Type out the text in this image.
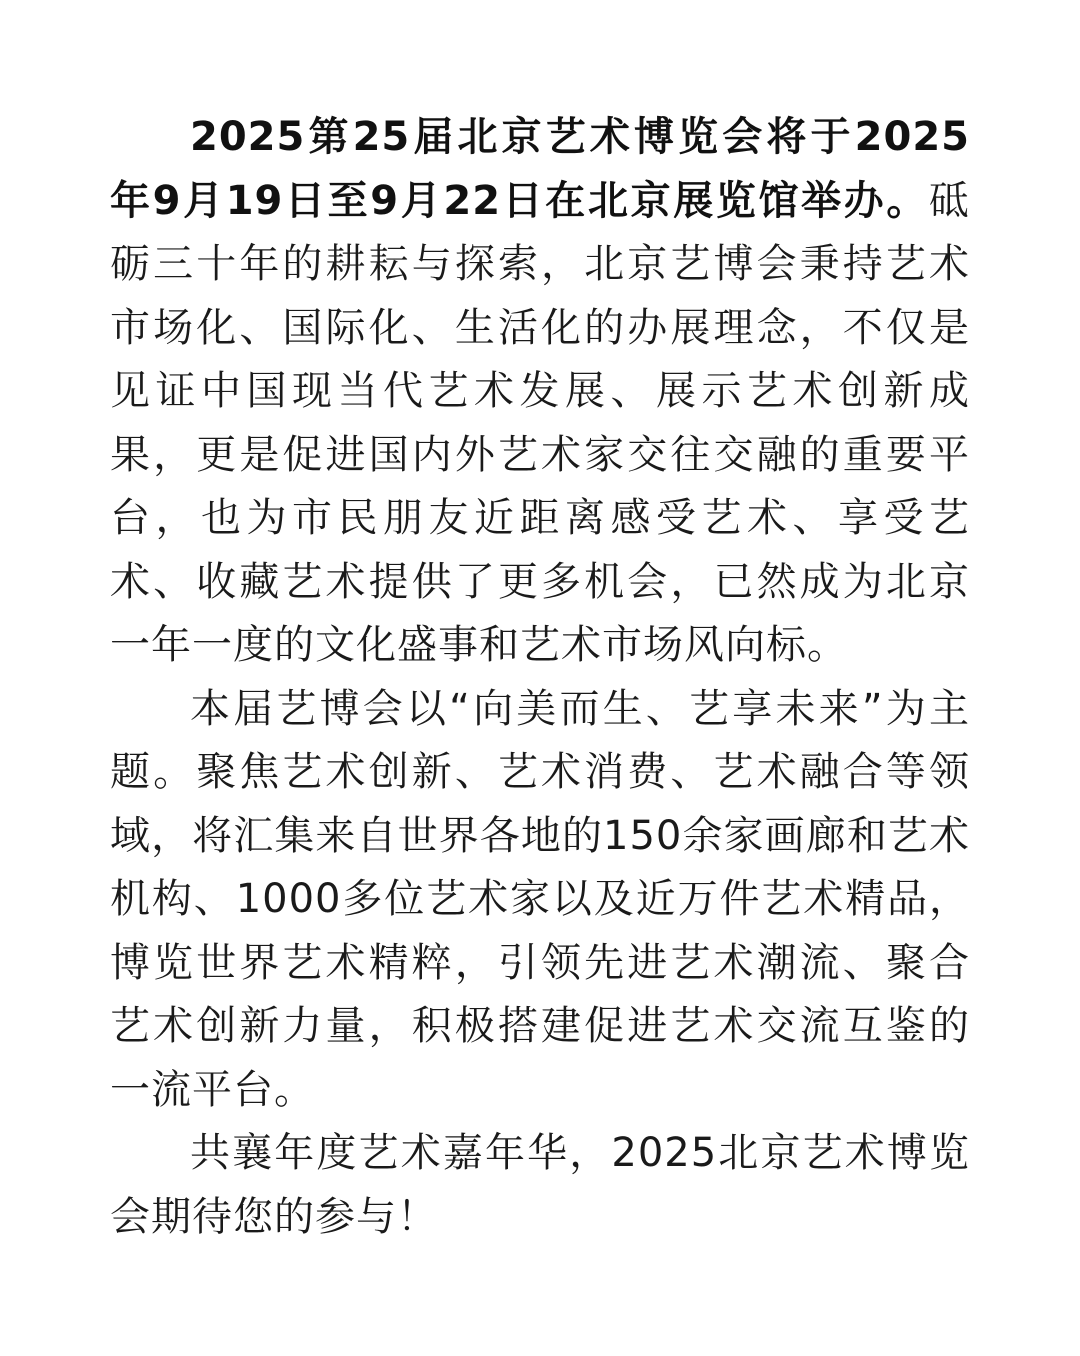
2025第25届北京艺术博览会将于2025年9月19日至9月22日在北京展览馆举办。砥砺三十年的耕耘与探索，北京艺博会秉持艺术市场化、国际化、生活化的办展理念，不仅是见证中国现当代艺术发展、展示艺术创新成果，更是促进国内外艺术家交往交融的重要平台，也为市民朋友近距离感受艺术、享受艺术、收藏艺术提供了更多机会，已然成为北京一年一度的文化盛事和艺术市场风向标。

本届艺博会以“向美而生、艺享未来”为主题。聚焦艺术创新、艺术消费、艺术融合等领域，将汇集来自世界各地的150余家画廊和艺术机构、1000多位艺术家以及近万件艺术精品，博览世界艺术精粹，引领先进艺术潮流、聚合艺术创新力量，积极搭建促进艺术交流互鉴的一流平台。

共襄年度艺术嘉年华，2025北京艺术博览会期待您的参与！
